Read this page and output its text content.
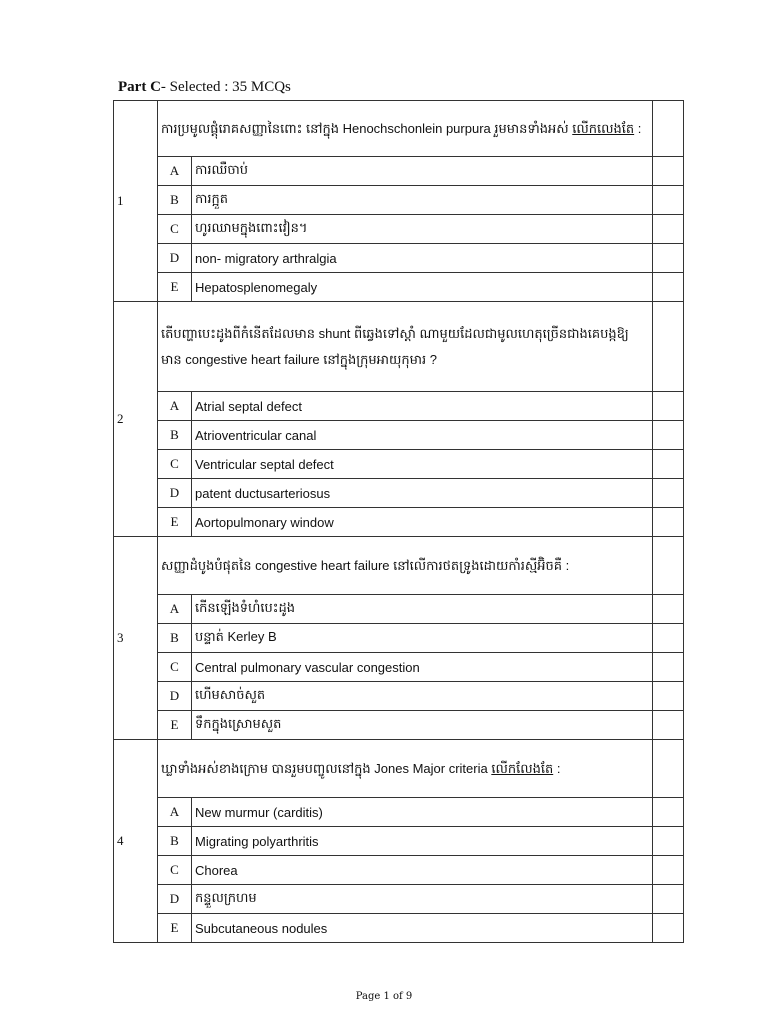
Part C- Selected : 35 MCQs
1	ការប្រមូលផ្តុំរោគសញ្ញានៃពោះ នៅក្នុង Henochschonlein purpura រួមមានទាំងអស់ លើកលេងតែ :		
	A	ការឈឺចាប់	
	B	ការក្អួត	
	C	ហូរឈាមក្នុងពោះវៀន។	
	D	non- migratory arthralgia	
	E	Hepatosplenomegaly	
2	តើបញ្ហាបេះដូងពីកំនើតដែលមាន shunt ពីឆ្វេងទៅស្តាំ ណាមួយដែលជាមូលហេតុច្រើនជាងគេបង្កឱ្យមាន congestive heart failure នៅក្នុងក្រុមអាយុកុមារ ?		
	A	Atrial septal defect	
	B	Atrioventricular canal	
	C	Ventricular septal defect	
	D	patent ductusarteriosus	
	E	Aortopulmonary window	
3	សញ្ញាដំបូងបំផុតនៃ congestive heart failure នៅលើការថតទ្រូងដោយកាំរស្មីអ៊ិចគឺ :		
	A	កើនឡើងទំហំបេះដូង	
	B	បន្ទាត់ Kerley B	
	C	Central pulmonary vascular congestion	
	D	ហើមសាច់សួត	
	E	ទឹកក្នុងស្រោមសួត	
4	ឃ្លាទាំងអស់ខាងក្រោម បានរួមបញ្ចូលនៅក្នុង Jones Major criteria លើកលែងតែ :		
	A	New murmur (carditis)	
	B	Migrating polyarthritis	
	C	Chorea	
	D	កន្ទួលក្រហម	
	E	Subcutaneous nodules	
Page 1 of 9
